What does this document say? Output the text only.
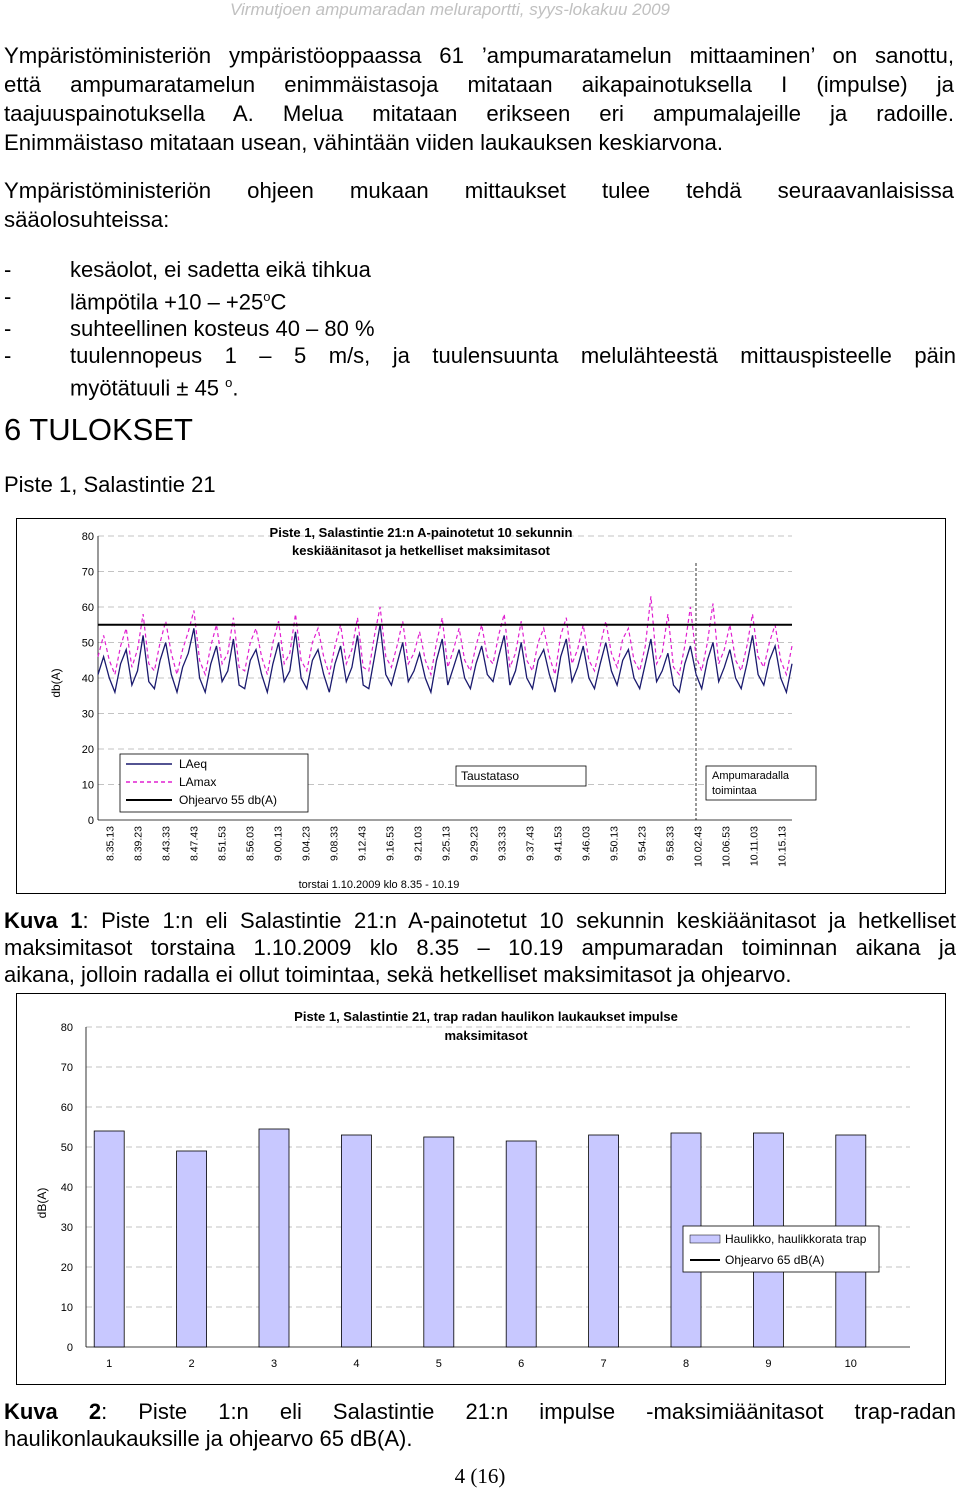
Virmutjoen ampumaradan meluraportti, syys-lokakuu 2009
Ympäristöministeriön ympäristöoppaassa 61 ’ampumaratamelun mittaaminen’ on sanottu,
että ampumaratamelun enimmäistasoja mitataan aikapainotuksella I (impulse) ja
taajuuspainotuksella A. Melua mitataan erikseen eri ampumalajeille ja radoille.
Enimmäistaso mitataan usean, vähintään viiden laukauksen keskiarvona.
Ympäristöministeriön ohjeen mukaan mittaukset tulee tehdä seuraavanlaisissa
sääolosuhteissa:
-	kesäolot, ei sadetta eikä tihkua
-	lämpötila $+10 - +25^oC$
-	suhteellinen kosteus 40 – 80 %
-	tuulennopeus 1 – 5 m/s, ja tuulensuunta melulähteestä mittauspisteelle päin
myötätuuli ± 45 $^o$.
6 TULOKSET
Piste 1, Salastintie 21
0
10
20
30
40
50
60
70
80
db(A)
Piste 1, Salastintie 21:n A-painotetut 10 sekunnin
keskiäänitasot ja hetkelliset maksimitasot
8.35.13 8.39.23 8.43.33 8.47.43 8.51.53 8.56.03 9.00.13 9.04.23 9.08.33 9.12.43 9.16.53 9.21.03 9.25.13 9.29.23 9.33.33 9.37.43 9.41.53 9.46.03 9.50.13 9.54.23 9.58.33 10.02.43 10.06.53 10.11.03 10.15.13
torstai 1.10.2009 klo 8.35 - 10.19
LAeq
LAmax
Ohjearvo 55 db(A)
Taustataso	Ampumaradalla
toimintaa
Kuva 1: Piste 1:n eli Salastintie 21:n A-painotetut 10 sekunnin keskiäänitasot ja hetkelliset
maksimitasot torstaina 1.10.2009 klo 8.35 – 10.19 ampumaradan toiminnan aikana ja
aikana, jolloin radalla ei ollut toimintaa, sekä hetkelliset maksimitasot ja ohjearvo.
0
10
20
30
40
50
60
70
80
dB(A)
Piste 1, Salastintie 21, trap radan haulikon laukaukset impulse
maksimitasot
1	2	3	4	5	6	7	8	9	10
Haulikko, haulikkorata trap
Ohjearvo 65 dB(A)
Kuva 2: Piste 1:n eli Salastintie 21:n impulse -maksimiäänitasot trap-radan
haulikonlaukauksille ja ohjearvo 65 dB(A).
4 (16)
